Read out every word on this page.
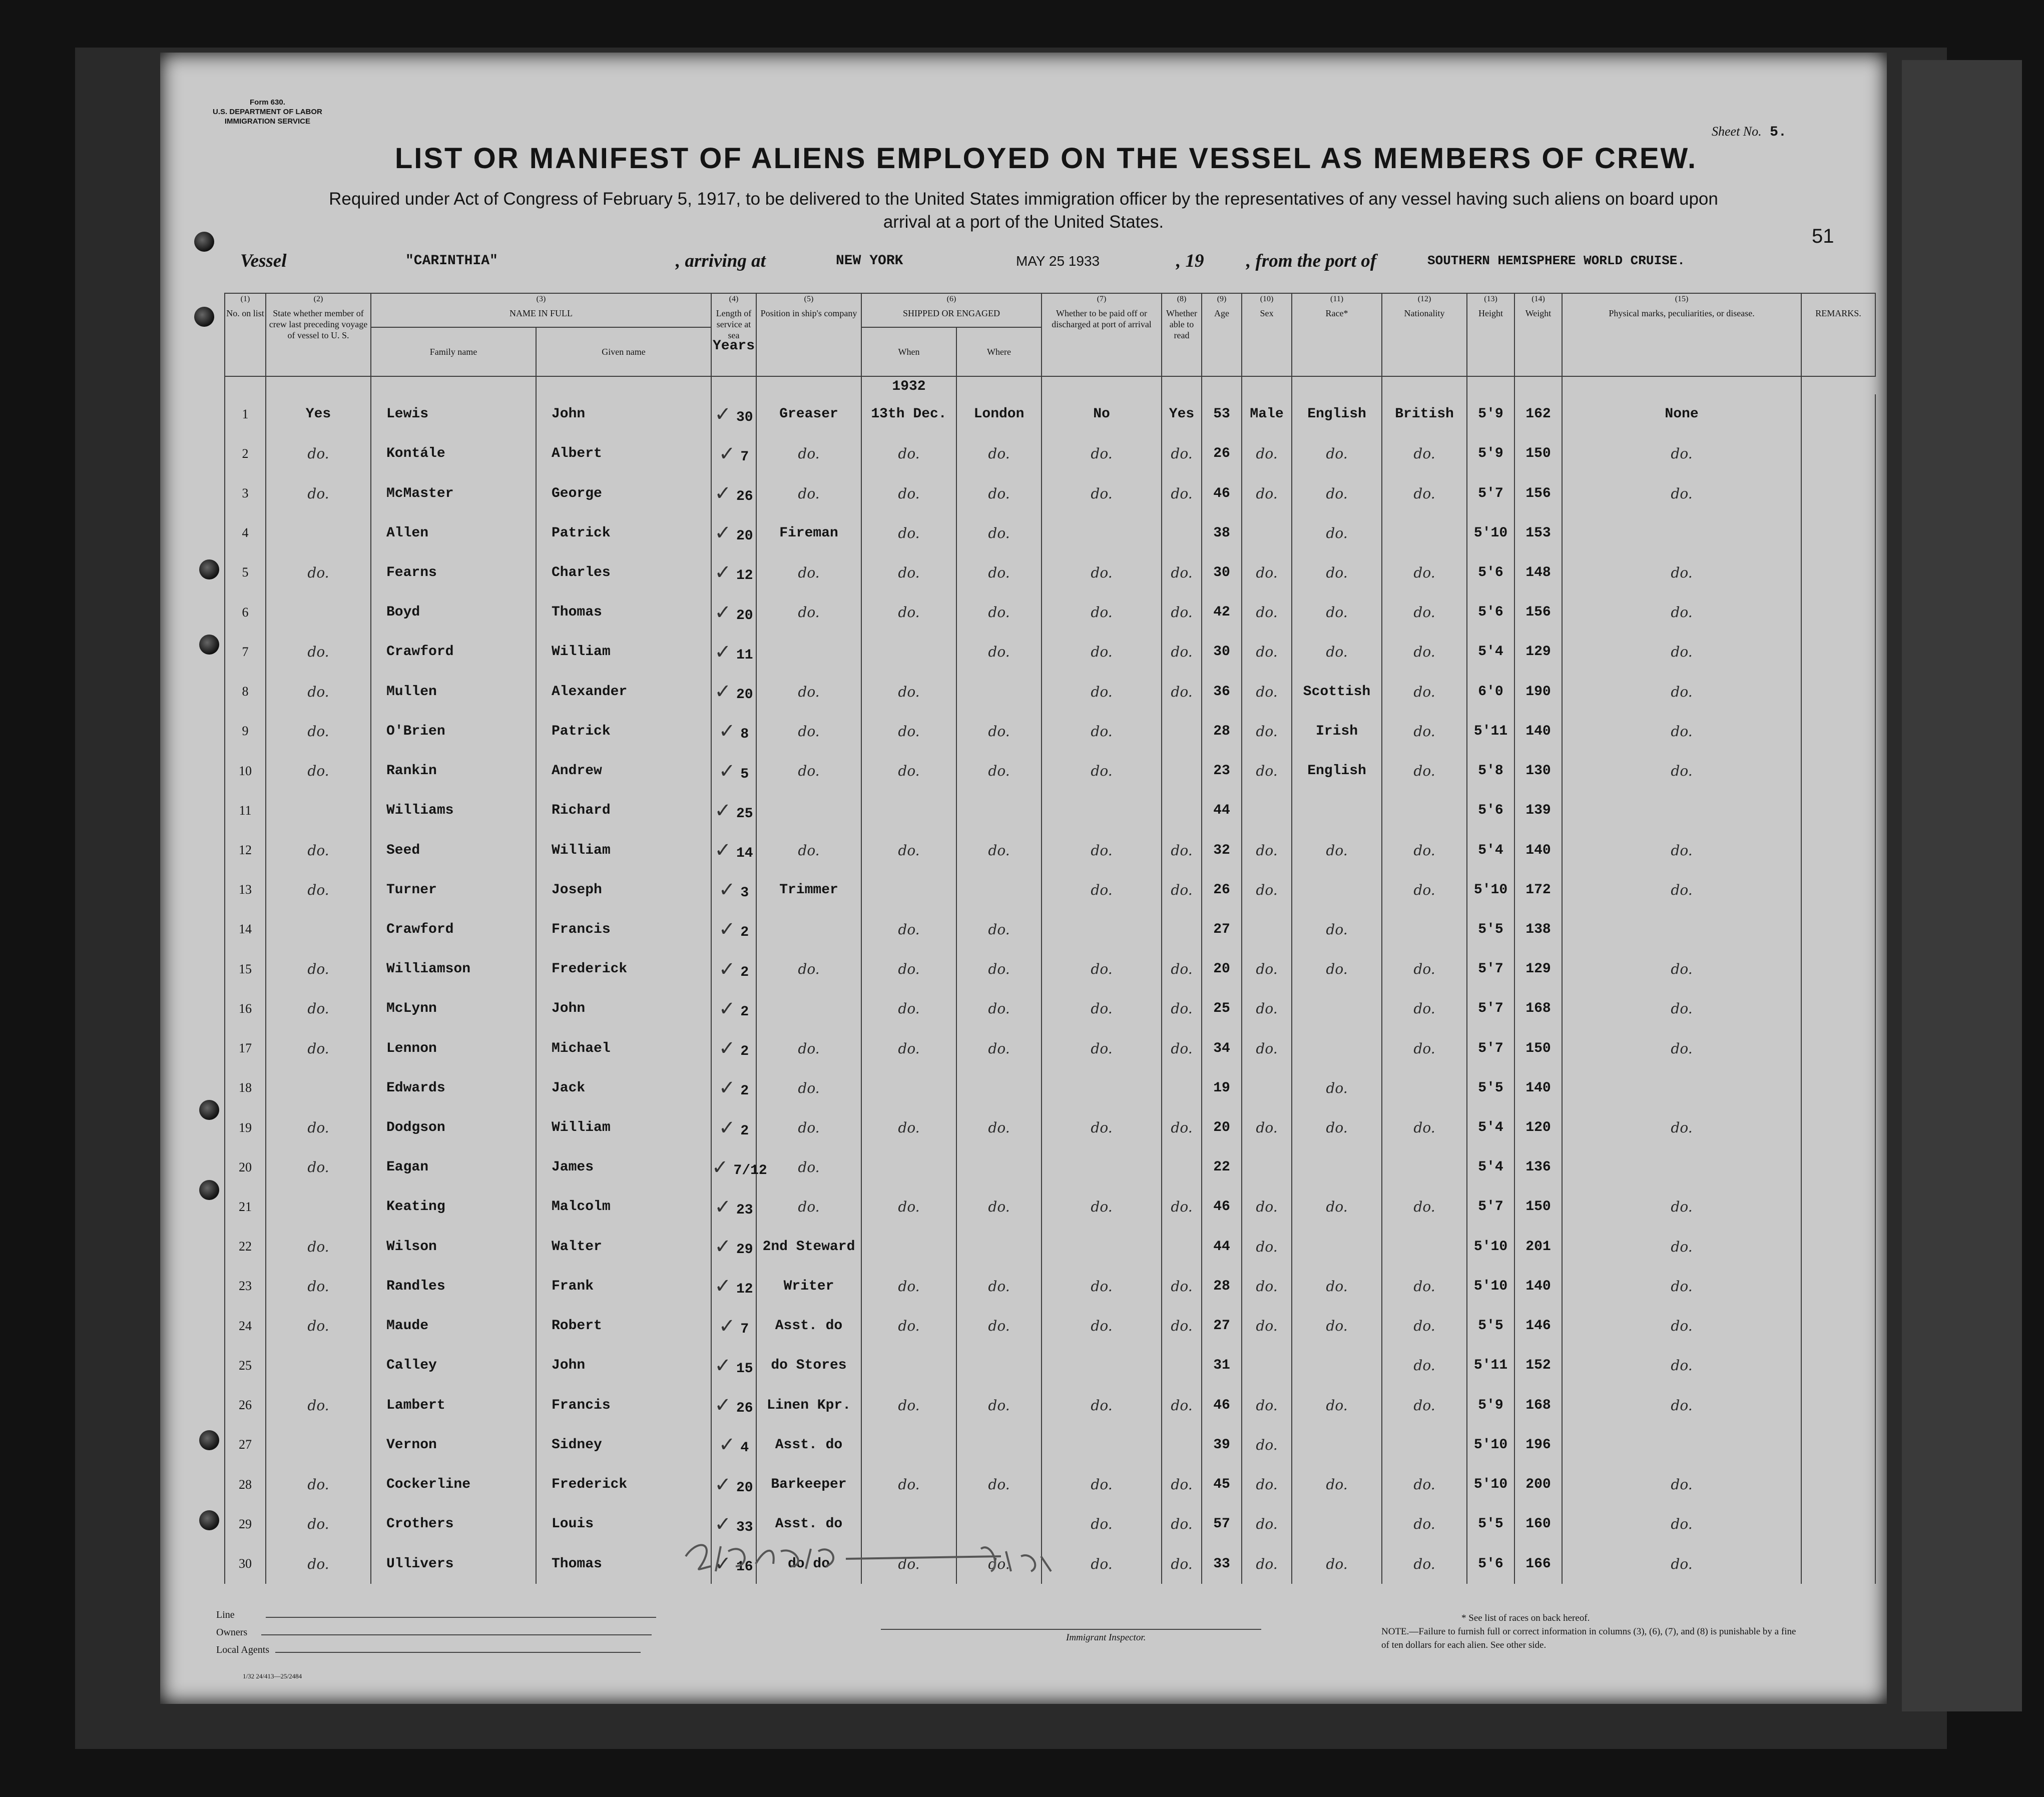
Form 630.
U.S. DEPARTMENT OF LABOR
IMMIGRATION SERVICE
Sheet No. 5.
LIST OR MANIFEST OF ALIENS EMPLOYED ON THE VESSEL AS MEMBERS OF CREW.
Required under Act of Congress of February 5, 1917, to be delivered to the United States immigration officer by the representatives of any vessel having such aliens on board upon arrival at a port of the United States.
51
Vessel	"CARINTHIA"	, arriving at	NEW YORK	MAY 25 1933	, 19 , from the port of	SOUTHERN HEMISPHERE WORLD CRUISE.
(1)
No. on list	(2)
State whether member of crew last preceding voyage of vessel to U. S.	(3)
NAME IN FULL		(4)
Length of service at sea
Years	(5)
Position in ship's company	(6)
SHIPPED OR ENGAGED		(7)
Whether to be paid off or discharged at port of arrival	(8)
Whether able to read	(9)
Age	(10)
Sex	(11)
Race*	(12)
Nationality	(13)
Height	(14)
Weight	(15)
Physical marks, peculiarities, or disease.	REMARKS.
		Family name	Given name			When	Where										
						1932											
1	Yes	Lewis	John	✓ 30	Greaser	13th Dec.	London	No	Yes	53	Male	English	British	5'9	162	None	
2	do.	Kontále	Albert	✓ 7	do.	do.	do.	do.	do.	26	do.	do.	do.	5'9	150	do.	
3	do.	McMaster	George	✓ 26	do.	do.	do.	do.	do.	46	do.	do.	do.	5'7	156	do.	
4		Allen	Patrick	✓ 20	Fireman	do.	do.			38		do.		5'10	153		
5	do.	Fearns	Charles	✓ 12	do.	do.	do.	do.	do.	30	do.	do.	do.	5'6	148	do.	
6		Boyd	Thomas	✓ 20	do.	do.	do.	do.	do.	42	do.	do.	do.	5'6	156	do.	
7	do.	Crawford	William	✓ 11			do.	do.	do.	30	do.	do.	do.	5'4	129	do.	
8	do.	Mullen	Alexander	✓ 20	do.	do.		do.	do.	36	do.	Scottish	do.	6'0	190	do.	
9	do.	O'Brien	Patrick	✓ 8	do.	do.	do.	do.		28	do.	Irish	do.	5'11	140	do.	
10	do.	Rankin	Andrew	✓ 5	do.	do.	do.	do.		23	do.	English	do.	5'8	130	do.	
11		Williams	Richard	✓ 25						44				5'6	139		
12	do.	Seed	William	✓ 14	do.	do.	do.	do.	do.	32	do.	do.	do.	5'4	140	do.	
13	do.	Turner	Joseph	✓ 3	Trimmer			do.	do.	26	do.		do.	5'10	172	do.	
14		Crawford	Francis	✓ 2		do.	do.			27		do.		5'5	138		
15	do.	Williamson	Frederick	✓ 2	do.	do.	do.	do.	do.	20	do.	do.	do.	5'7	129	do.	
16	do.	McLynn	John	✓ 2		do.	do.	do.	do.	25	do.		do.	5'7	168	do.	
17	do.	Lennon	Michael	✓ 2	do.	do.	do.	do.	do.	34	do.		do.	5'7	150	do.	
18		Edwards	Jack	✓ 2	do.					19		do.		5'5	140		
19	do.	Dodgson	William	✓ 2	do.	do.	do.	do.	do.	20	do.	do.	do.	5'4	120	do.	
20	do.	Eagan	James	✓ 7/12	do.					22				5'4	136		
21		Keating	Malcolm	✓ 23	do.	do.	do.	do.	do.	46	do.	do.	do.	5'7	150	do.	
22	do.	Wilson	Walter	✓ 29	2nd Steward					44	do.			5'10	201	do.	
23	do.	Randles	Frank	✓ 12	Writer	do.	do.	do.	do.	28	do.	do.	do.	5'10	140	do.	
24	do.	Maude	Robert	✓ 7	Asst. do	do.	do.	do.	do.	27	do.	do.	do.	5'5	146	do.	
25		Calley	John	✓ 15	do Stores					31			do.	5'11	152	do.	
26	do.	Lambert	Francis	✓ 26	Linen Kpr.	do.	do.	do.	do.	46	do.	do.	do.	5'9	168	do.	
27		Vernon	Sidney	✓ 4	Asst. do					39	do.			5'10	196		
28	do.	Cockerline	Frederick	✓ 20	Barkeeper	do.	do.	do.	do.	45	do.	do.	do.	5'10	200	do.	
29	do.	Crothers	Louis	✓ 33	Asst. do			do.	do.	57	do.		do.	5'5	160	do.	
30	do.	Ullivers	Thomas	✓ 16	do do	do.	do.	do.	do.	33	do.	do.	do.	5'6	166	do.	
Line
Owners
Local Agents
1/32 24/413—25/2484
Immigrant Inspector.
* See list of races on back hereof.
NOTE.—Failure to furnish full or correct information in columns (3), (6), (7), and (8) is punishable by a fine of ten dollars for each alien. See other side.
